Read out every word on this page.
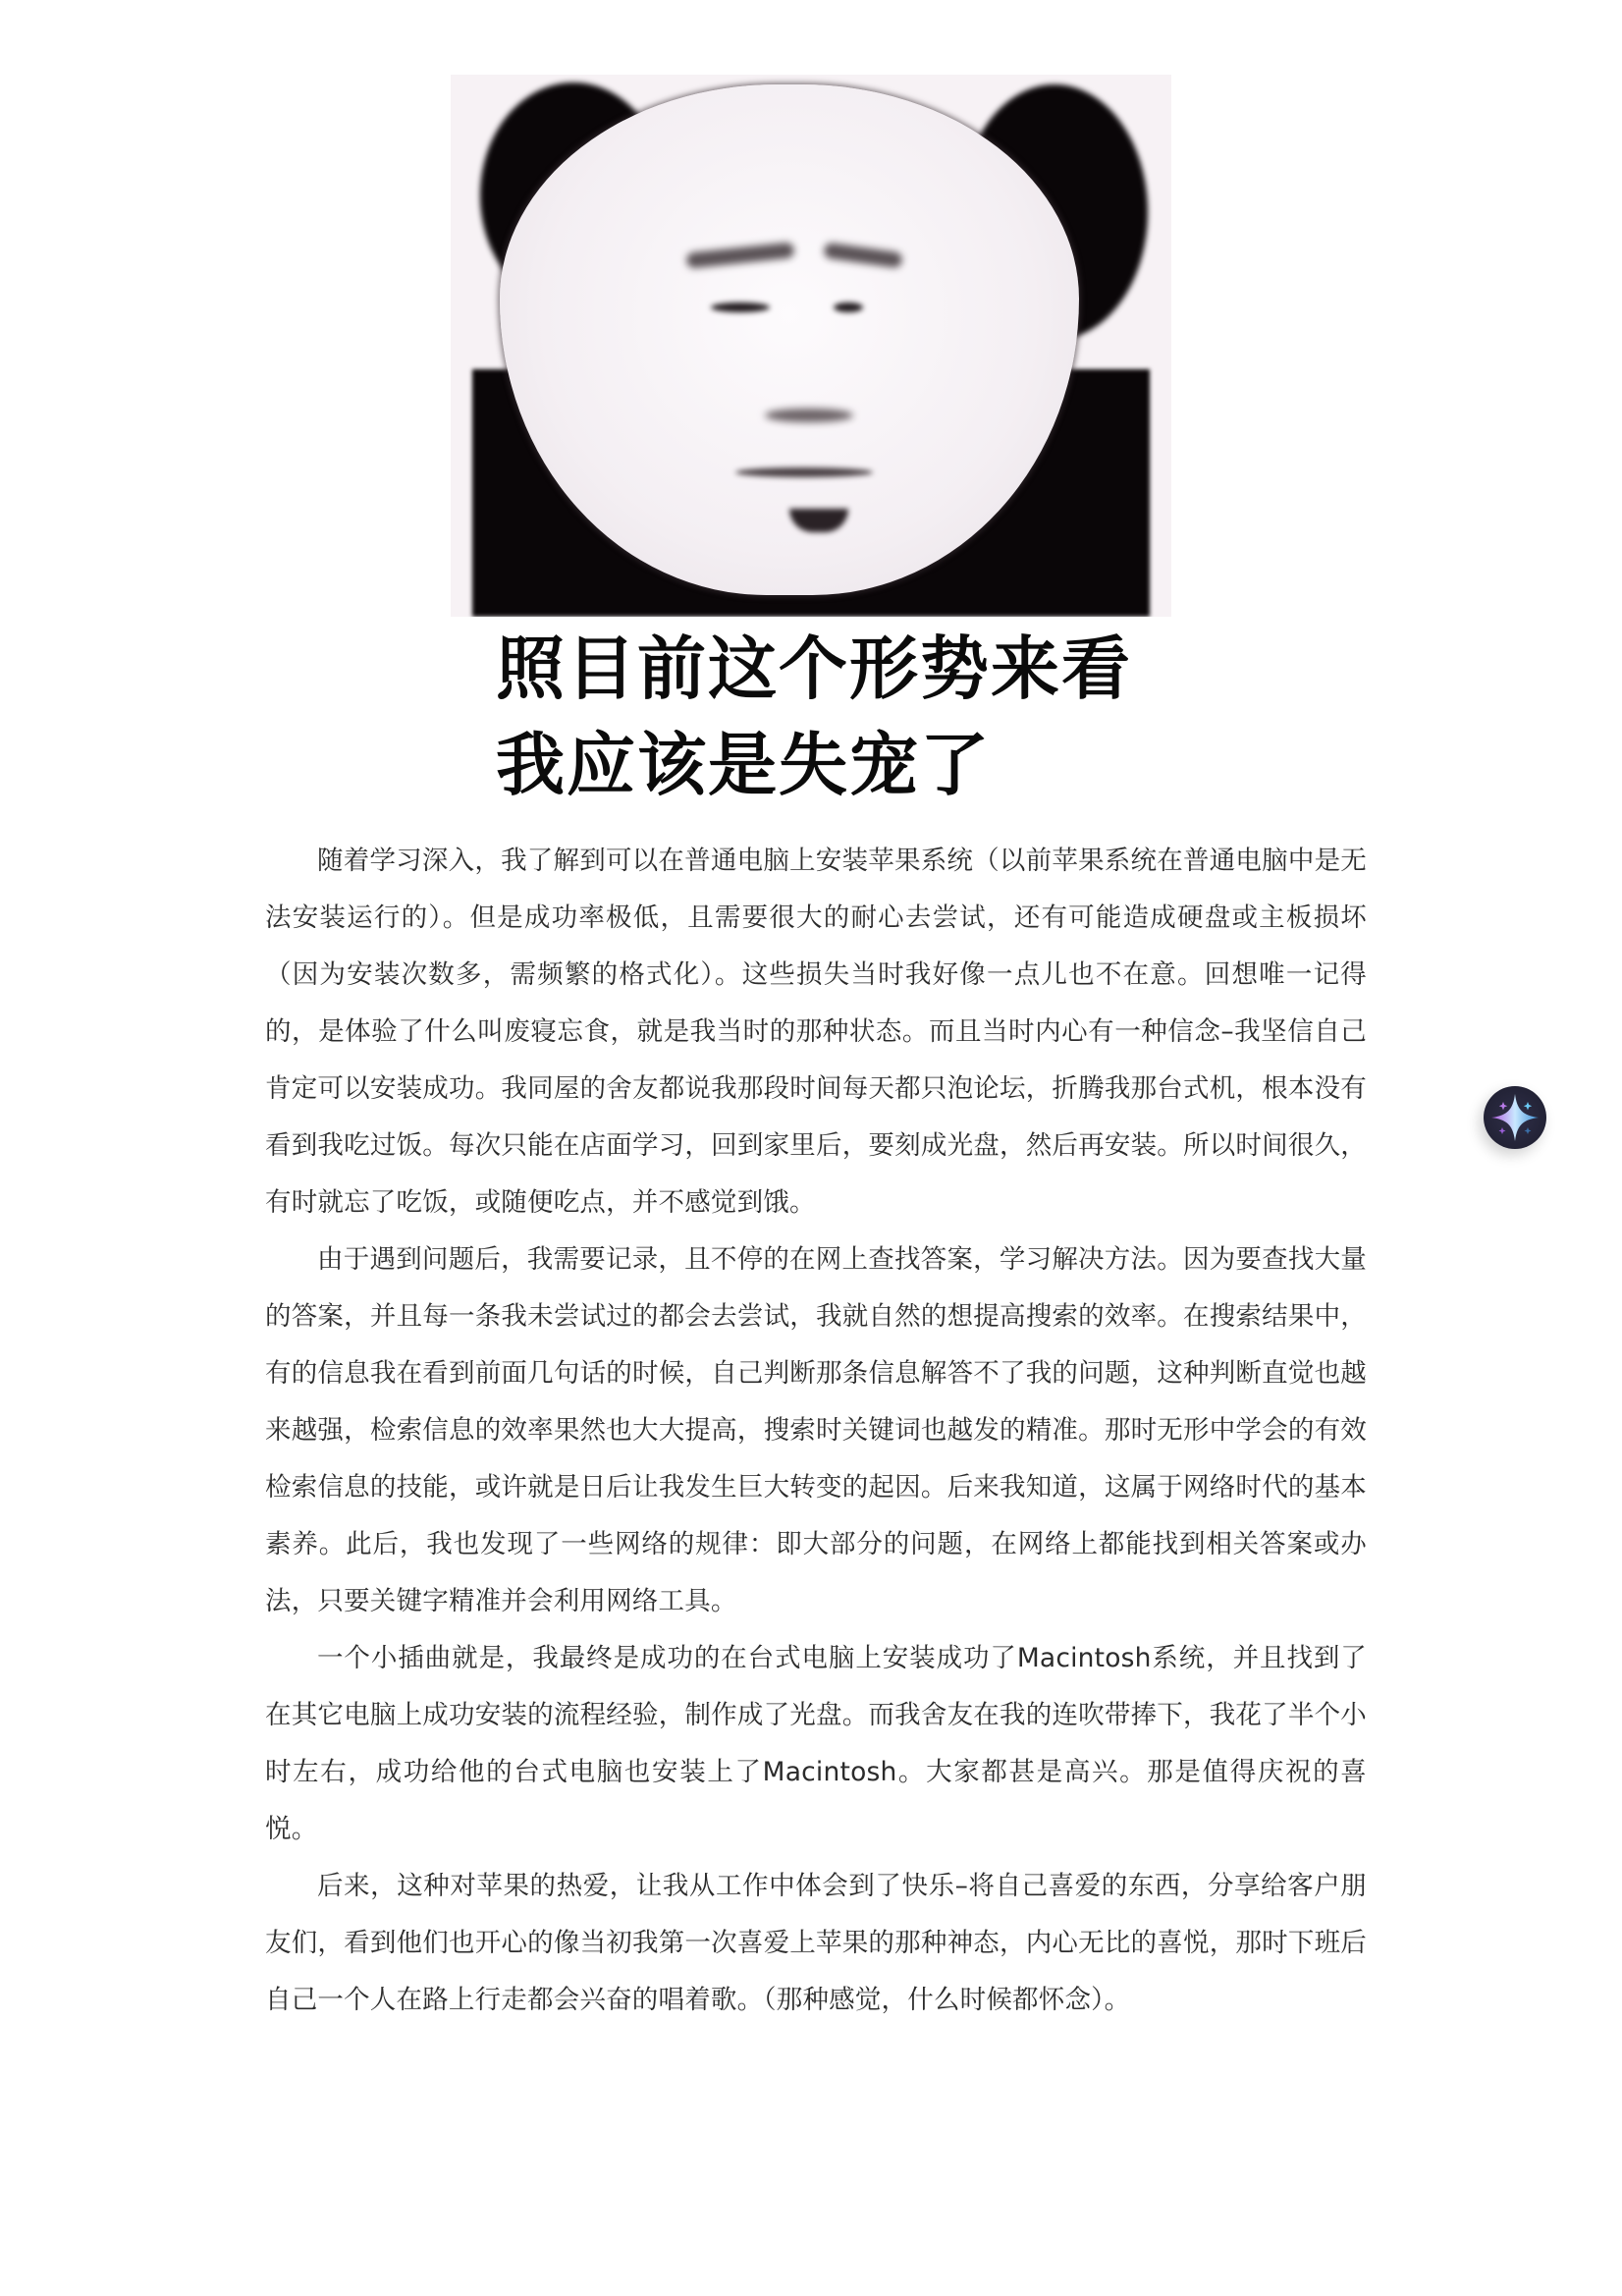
照目前这个形势来看
我应该是失宠了

随着学习深入，我了解到可以在普通电脑上安装苹果系统（以前苹果系统在普通电脑中是无法安装运行的）。但是成功率极低，且需要很大的耐心去尝试，还有可能造成硬盘或主板损坏（因为安装次数多，需频繁的格式化）。这些损失当时我好像一点儿也不在意。回想唯一记得的，是体验了什么叫废寝忘食，就是我当时的那种状态。而且当时内心有一种信念–我坚信自己肯定可以安装成功。我同屋的舍友都说我那段时间每天都只泡论坛，折腾我那台式机，根本没有看到我吃过饭。每次只能在店面学习，回到家里后，要刻成光盘，然后再安装。所以时间很久，有时就忘了吃饭，或随便吃点，并不感觉到饿。

由于遇到问题后，我需要记录，且不停的在网上查找答案，学习解决方法。因为要查找大量的答案，并且每一条我未尝试过的都会去尝试，我就自然的想提高搜索的效率。在搜索结果中，有的信息我在看到前面几句话的时候，自己判断那条信息解答不了我的问题，这种判断直觉也越来越强，检索信息的效率果然也大大提高，搜索时关键词也越发的精准。那时无形中学会的有效检索信息的技能，或许就是日后让我发生巨大转变的起因。后来我知道，这属于网络时代的基本素养。此后，我也发现了一些网络的规律：即大部分的问题，在网络上都能找到相关答案或办法，只要关键字精准并会利用网络工具。

一个小插曲就是，我最终是成功的在台式电脑上安装成功了Macintosh系统，并且找到了在其它电脑上成功安装的流程经验，制作成了光盘。而我舍友在我的连吹带捧下，我花了半个小时左右，成功给他的台式电脑也安装上了Macintosh。大家都甚是高兴。那是值得庆祝的喜悦。

后来，这种对苹果的热爱，让我从工作中体会到了快乐–将自己喜爱的东西，分享给客户朋友们，看到他们也开心的像当初我第一次喜爱上苹果的那种神态，内心无比的喜悦，那时下班后自己一个人在路上行走都会兴奋的唱着歌。（那种感觉，什么时候都怀念）。
